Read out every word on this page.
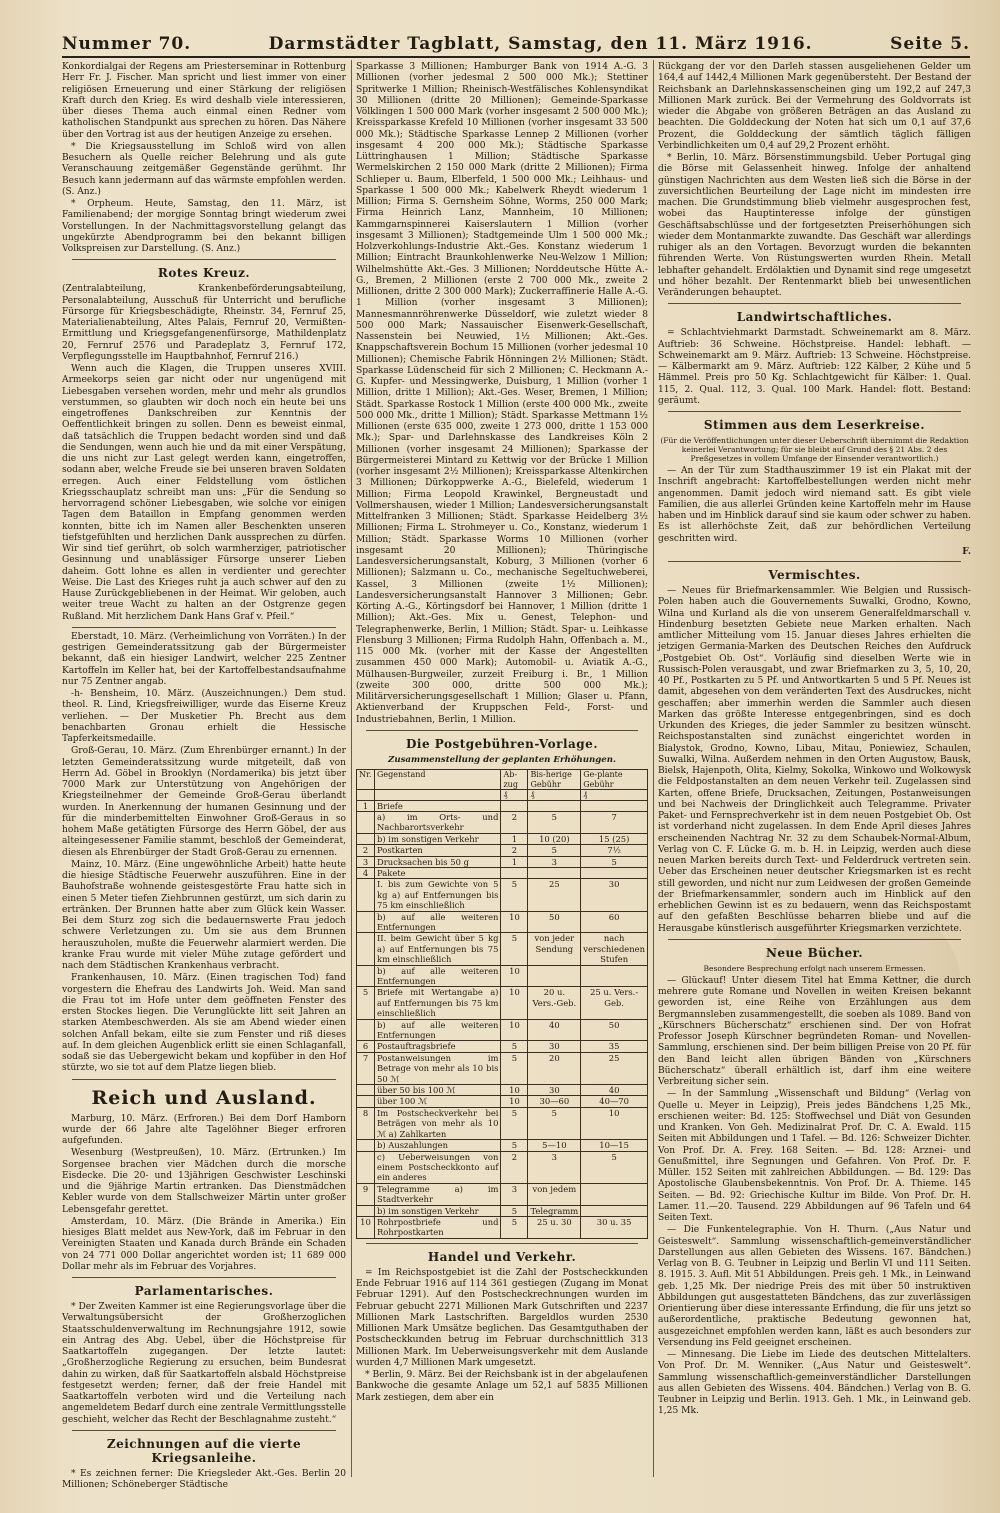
Nummer 70.	Darmstädter Tagblatt, Samstag, den 11. März 1916.	Seite 5.

Konkordialgai der Regens am Priesterseminar in Rottenburg Herr Fr. J. Fischer. Man spricht und liest immer von einer religiösen Erneuerung und einer Stärkung der religiösen Kraft durch den Krieg. Es wird deshalb viele interessieren, über dieses Thema auch einmal einen Redner vom katholischen Standpunkt aus sprechen zu hören. Das Nähere über den Vortrag ist aus der heutigen Anzeige zu ersehen.

* Die Kriegsausstellung im Schloß wird von allen Besuchern als Quelle reicher Belehrung und als gute Veranschauung zeitgemäßer Gegenstände gerühmt. Ihr Besuch kann jedermann auf das wärmste empfohlen werden. (S. Anz.)

* Orpheum. Heute, Samstag, den 11. März, ist Familienabend; der morgige Sonntag bringt wiederum zwei Vorstellungen. In der Nachmittagsvorstellung gelangt das ungekürzte Abendprogramm bei den bekannt billigen Volkspreisen zur Darstellung. (S. Anz.)

Rotes Kreuz.

(Zentralabteilung, Krankenbeförderungsabteilung, Personalabteilung, Ausschuß für Unterricht und berufliche Fürsorge für Kriegsbeschädigte, Rheinstr. 34, Fernruf 25, Materialienabteilung, Altes Palais, Fernruf 20, Vermißten-Ermittlung und Kriegsgefangenenfürsorge, Mathildenplatz 20, Fernruf 2576 und Paradeplatz 3, Fernruf 172, Verpflegungsstelle im Hauptbahnhof, Fernruf 216.)

Wenn auch die Klagen, die Truppen unseres XVIII. Armeekorps seien gar nicht oder nur ungenügend mit Liebesgaben versehen worden, mehr und mehr als grundlos verstummen, so glaubten wir doch noch ein heute bei uns eingetroffenes Dankschreiben zur Kenntnis der Oeffentlichkeit bringen zu sollen. Denn es beweist einmal, daß tatsächlich die Truppen bedacht worden sind und daß die Sendungen, wenn auch hie und da mit einer Verspätung, die uns nicht zur Last gelegt werden kann, eingetroffen, sodann aber, welche Freude sie bei unseren braven Soldaten erregen. Auch einer Feldstellung vom östlichen Kriegsschauplatz schreibt man uns: „Für die Sendung so hervorragend schöner Liebesgaben, wie solche vor einigen Tagen dem Bataillon in Empfang genommen werden konnten, bitte ich im Namen aller Beschenkten unseren tiefstgefühlten und herzlichen Dank aussprechen zu dürfen. Wir sind tief gerührt, ob solch warmherziger, patriotischer Gesinnung und unablässiger Fürsorge unserer Lieben daheim. Gott lohne es allen in verdienter und gerechter Weise. Die Last des Krieges ruht ja auch schwer auf den zu Hause Zurückgebliebenen in der Heimat. Wir geloben, auch weiter treue Wacht zu halten an der Ostgrenze gegen Rußland. Mit herzlichem Dank Hans Graf v. Pfeil.“

Eberstadt, 10. März. (Verheimlichung von Vorräten.) In der gestrigen Gemeinderatssitzung gab der Bürgermeister bekannt, daß ein hiesiger Landwirt, welcher 225 Zentner Kartoffeln im Keller hat, bei der Kartoffelbestandsaufnahme nur 75 Zentner angab.

-h- Bensheim, 10. März. (Auszeichnungen.) Dem stud. theol. R. Lind, Kriegsfreiwilliger, wurde das Eiserne Kreuz verliehen. — Der Musketier Ph. Brecht aus dem benachbarten Gronau erhielt die Hessische Tapferkeitsmedaille.

Groß-Gerau, 10. März. (Zum Ehrenbürger ernannt.) In der letzten Gemeinderatssitzung wurde mitgeteilt, daß von Herrn Ad. Göbel in Brooklyn (Nordamerika) bis jetzt über 7000 Mark zur Unterstützung von Angehörigen der Kriegsteilnehmer der Gemeinde Groß-Gerau überlandt wurden. In Anerkennung der humanen Gesinnung und der für die minderbemittelten Einwohner Groß-Geraus in so hohem Maße getätigten Fürsorge des Herrn Göbel, der aus alteingesessener Familie stammt, beschloß der Gemeinderat, diesen als Ehrenbürger der Stadt Groß-Gerau zu ernennen.

Mainz, 10. März. (Eine ungewöhnliche Arbeit) hatte heute die hiesige Städtische Feuerwehr auszuführen. Eine in der Bauhofstraße wohnende geistesgestörte Frau hatte sich in einen 5 Meter tiefen Ziehbrunnen gestürzt, um sich darin zu ertränken. Der Brunnen hatte aber zum Glück kein Wasser. Bei dem Sturz zog sich die bedauernswerte Frau jedoch schwere Verletzungen zu. Um sie aus dem Brunnen herauszuholen, mußte die Feuerwehr alarmiert werden. Die kranke Frau wurde mit vieler Mühe zutage gefördert und nach dem Städtischen Krankenhaus verbracht.

Frankenhausen, 10. März. (Einen tragischen Tod) fand vorgestern die Ehefrau des Landwirts Joh. Weid. Man sand die Frau tot im Hofe unter dem geöffneten Fenster des ersten Stockes liegen. Die Verunglückte litt seit Jahren an starken Atembeschwerden. Als sie am Abend wieder einen solchen Anfall bekam, eilte sie zum Fenster und riß dieses auf. In dem gleichen Augenblick erlitt sie einen Schlaganfall, sodaß sie das Uebergewicht bekam und kopfüber in den Hof stürzte, wo sie tot auf dem Platze liegen blieb.

Reich und Ausland.

Marburg, 10. März. (Erfroren.) Bei dem Dorf Hamborn wurde der 66 Jahre alte Tagelöhner Bieger erfroren aufgefunden.

Wesenburg (Westpreußen), 10. März. (Ertrunken.) Im Sorgensee brachen vier Mädchen durch die morsche Eisdecke. Die 20- und 13jährigen Geschwister Leschinski und die 9jährige Martin ertranken. Das Dienstmädchen Kebler wurde von dem Stallschweizer Märtin unter großer Lebensgefahr gerettet.

Amsterdam, 10. März. (Die Brände in Amerika.) Ein hiesiges Blatt meldet aus New-York, daß im Februar in den Vereinigten Staaten und Kanada durch Brände ein Schaden von 24 771 000 Dollar angerichtet worden ist; 11 689 000 Dollar mehr als im Februar des Vorjahres.

Parlamentarisches.

* Der Zweiten Kammer ist eine Regierungsvorlage über die Verwaltungsübersicht der Großherzoglichen Staatsschuldenverwaltung im Rechnungsjahre 1912, sowie ein Antrag des Abg. Uebel, über die Höchstpreise für Saatkartoffeln zugegangen. Der letzte lautet: „Großherzogliche Regierung zu ersuchen, beim Bundesrat dahin zu wirken, daß für Saatkartoffeln alsbald Höchstpreise festgesetzt werden; ferner, daß der freie Handel mit Saatkartoffeln verboten wird und die Verteilung nach angemeldetem Bedarf durch eine zentrale Vermittlungsstelle geschieht, welcher das Recht der Beschlagnahme zusteht.“

Zeichnungen auf die vierte Kriegsanleihe.

* Es zeichnen ferner: Die Kriegsleder Akt.-Ges. Berlin 20 Millionen; Schöneberger Städtische

Sparkasse 3 Millionen; Hamburger Bank von 1914 A.-G. 3 Millionen (vorher jedesmal 2 500 000 Mk.); Stettiner Spritwerke 1 Million; Rheinisch-Westfälisches Kohlensyndikat 30 Millionen (dritte 20 Millionen); Gemeinde-Sparkasse Völklingen 1 500 000 Mark (vorher insgesamt 2 500 000 Mk.); Kreissparkasse Krefeld 10 Millionen (vorher insgesamt 33 500 000 Mk.); Städtische Sparkasse Lennep 2 Millionen (vorher insgesamt 4 200 000 Mk.); Städtische Sparkasse Lüttringhausen 1 Million; Städtische Sparkasse Wermelskirchen 2 150 000 Mark (dritte 2 Millionen); Firma Schlieper u. Baum, Elberfeld, 1 500 000 Mk.; Leihhaus- und Sparkasse 1 500 000 Mk.; Kabelwerk Rheydt wiederum 1 Million; Firma S. Gernsheim Söhne, Worms, 250 000 Mark; Firma Heinrich Lanz, Mannheim, 10 Millionen; Kammgarnspinnerei Kaiserslautern 1 Million (vorher insgesamt 3 Millionen); Stadtgemeinde Ulm 1 500 000 Mk.; Holzverkohlungs-Industrie Akt.-Ges. Konstanz wiederum 1 Million; Eintracht Braunkohlenwerke Neu-Welzow 1 Million; Wilhelmshütte Akt.-Ges. 3 Millionen; Norddeutsche Hütte A.-G., Bremen, 2 Millionen (erste 2 700 000 Mk., zweite 2 Millionen, dritte 2 300 000 Mark); Zuckerraffinerie Halle A.-G. 1 Million (vorher insgesamt 3 Millionen); Mannesmannröhrenwerke Düsseldorf, wie zuletzt wieder 8 500 000 Mark; Nassauischer Eisenwerk-Gesellschaft, Nassenstein bei Neuwied, 1½ Millionen; Akt.-Ges. Knappschaftsverein Bochum 15 Millionen (vorher jedesmal 10 Millionen); Chemische Fabrik Hönningen 2½ Millionen; Städt. Sparkasse Lüdenscheid für sich 2 Millionen; C. Heckmann A.-G. Kupfer- und Messingwerke, Duisburg, 1 Million (vorher 1 Million, dritte 1 Million); Akt.-Ges. Weser, Bremen, 1 Million; Städt. Sparkasse Rostock 1 Million (erste 400 000 Mk., zweite 500 000 Mk., dritte 1 Million); Städt. Sparkasse Mettmann 1½ Millionen (erste 635 000, zweite 1 273 000, dritte 1 153 000 Mk.); Spar- und Darlehnskasse des Landkreises Köln 2 Millionen (vorher insgesamt 24 Millionen); Sparkasse der Bürgermeisterei Mintard zu Kettwig vor der Brücke 1 Million (vorher insgesamt 2½ Millionen); Kreissparkasse Altenkirchen 3 Millionen; Dürkoppwerke A.-G., Bielefeld, wiederum 1 Million; Firma Leopold Krawinkel, Bergneustadt und Vollmershausen, wieder 1 Million; Landesversicherungsanstalt Mittelfranken 3 Millionen; Städt. Sparkasse Heidelberg 3½ Millionen; Firma L. Strohmeyer u. Co., Konstanz, wiederum 1 Million; Städt. Sparkasse Worms 10 Millionen (vorher insgesamt 20 Millionen); Thüringische Landesversicherungsanstalt, Koburg, 3 Millionen (vorher 6 Millionen); Salzmann u. Co., mechanische Segeltuchweberei, Kassel, 3 Millionen (zweite 1½ Millionen); Landesversicherungsanstalt Hannover 3 Millionen; Gebr. Körting A.-G., Körtingsdorf bei Hannover, 1 Million (dritte 1 Million); Akt.-Ges. Mix u. Genest, Telephon- und Telegraphenwerke, Berlin, 1 Million; Städt. Spar- u. Leihkasse Flensburg 3 Millionen; Firma Rudolph Hahn, Offenbach a. M., 115 000 Mk. (vorher mit der Kasse der Angestellten zusammen 450 000 Mark); Automobil- u. Aviatik A.-G., Mülhausen-Burgweiler, zurzeit Freiburg i. Br., 1 Million (zweite 300 000, dritte 500 000 Mk.); Militärversicherungsgesellschaft 1 Million; Glaser u. Pfann, Aktienverband der Kruppschen Feld-, Forst- und Industriebahnen, Berlin, 1 Million.

Die Postgebühren-Vorlage.
Zusammenstellung der geplanten Erhöhungen.
Nr.	Gegenstand	Ab-zug	Bis-herige Gebühr	Ge-plante Gebühr
		₰	₰	₰
1	Briefe			
	a) im Orts- und Nachbarortsverkehr	2	5	7
	b) im sonstigen Verkehr	1	10 (20)	15 (25)
2	Postkarten	2	5	7½
3	Drucksachen bis 50 g	1	3	5
4	Pakete			
	I. bis zum Gewichte von 5 kg a) auf Entfernungen bis 75 km einschließlich	5	25	30
	b) auf alle weiteren Entfernungen	10	50	60
	II. beim Gewicht über 5 kg a) auf Entfernungen bis 75 km einschließlich	5	von jeder Sendung	nach verschiedenen Stufen
	b) auf alle weiteren Entfernungen	10		
5	Briefe mit Wertangabe a) auf Entfernungen bis 75 km einschließlich	10	20 u. Vers.-Geb.	25 u. Vers.-Geb.
	b) auf alle weiteren Entfernungen	10	40	50
6	Postauftragsbriefe	5	30	35
7	Postanweisungen im Betrage von mehr als 10 bis 50 ℳ	5	20	25
	über 50 bis 100 ℳ	10	30	40
	über 100 ℳ	10	30—60	40—70
8	Im Postscheckverkehr bei Beträgen von mehr als 10 ℳ a) Zahlkarten	5	5	10
	b) Auszahlungen	5	5—10	10—15
	c) Ueberweisungen von einem Postscheckkonto auf ein anderes	2	3	5
9	Telegramme a) im Stadtverkehr	3	von jedem	
	b) im sonstigen Verkehr	5	Telegramm	
10	Rohrpostbriefe und Rohrpostkarten	5	25 u. 30	30 u. 35
Handel und Verkehr.

= Im Reichspostgebiet ist die Zahl der Postscheckkunden Ende Februar 1916 auf 114 361 gestiegen (Zugang im Monat Februar 1291). Auf den Postscheckrechnungen wurden im Februar gebucht 2271 Millionen Mark Gutschriften und 2237 Millionen Mark Lastschriften. Bargeldlos wurden 2530 Millionen Mark Umsätze beglichen. Das Gesamtguthaben der Postscheckkunden betrug im Februar durchschnittlich 313 Millionen Mark. Im Ueberweisungsverkehr mit dem Auslande wurden 4,7 Millionen Mark umgesetzt.

* Berlin, 9. März. Bei der Reichsbank ist in der abgelaufenen Bankwoche die gesamte Anlage um 52,1 auf 5835 Millionen Mark zestiegen, dem aber ein

Rückgang der vor den Darleh stassen ausgeliehenen Gelder um 164,4 auf 1442,4 Millionen Mark gegenübersteht. Der Bestand der Reichsbank an Darlehnskassenscheinen ging um 192,2 auf 247,3 Millionen Mark zurück. Bei der Vermehrung des Goldvorrats ist wieder die Abgabe von größeren Beträgen an das Ausland zu beachten. Die Golddeckung der Noten hat sich um 0,1 auf 37,6 Prozent, die Golddeckung der sämtlich täglich fälligen Verbindlichkeiten um 0,4 auf 29,2 Prozent erhöht.

* Berlin, 10. März. Börsenstimmungsbild. Ueber Portugal ging die Börse mit Gelassenheit hinweg. Infolge der anhaltend günstigen Nachrichten aus dem Westen ließ sich die Börse in der zuversichtlichen Beurteilung der Lage nicht im mindesten irre machen. Die Grundstimmung blieb vielmehr ausgesprochen fest, wobei das Hauptinteresse infolge der günstigen Geschäftsabschlüsse und der fortgesetzten Preiserhöhungen sich wieder dem Montanmarkte zuwandte. Das Geschäft war allerdings ruhiger als an den Vortagen. Bevorzugt wurden die bekannten führenden Werte. Von Rüstungswerten wurden Rhein. Metall lebhafter gehandelt. Erdölaktien und Dynamit sind rege umgesetzt und höher bezahlt. Der Rentenmarkt blieb bei unwesentlichen Veränderungen behauptet.

Landwirtschaftliches.

= Schlachtviehmarkt Darmstadt. Schweinemarkt am 8. März. Auftrieb: 36 Schweine. Höchstpreise. Handel: lebhaft. — Schweinemarkt am 9. März. Auftrieb: 13 Schweine. Höchstpreise. — Kälbermarkt am 9. März. Auftrieb: 122 Kälber, 2 Kühe und 5 Hämmel. Preis pro 50 Kg. Schlachtgewicht für Kälber: 1. Qual. 115, 2. Qual. 112, 3. Qual. 100 Mark. Handel: flott. Bestand: geräumt.

Stimmen aus dem Leserkreise.
(Für die Veröffentlichungen unter dieser Ueberschrift übernimmt die Redaktion keinerlei Verantwortung; für sie bleibt auf Grund des § 21 Abs. 2 des Preßgesetzes in vollem Umfange der Einsender verantwortlich.)

— An der Tür zum Stadthauszimmer 19 ist ein Plakat mit der Inschrift angebracht: Kartoffelbestellungen werden nicht mehr angenommen. Damit jedoch wird niemand satt. Es gibt viele Familien, die aus allerlei Gründen keine Kartoffeln mehr im Hause haben und im Hinblick darauf sind sie kaum oder schwer zu haben. Es ist allerhöchste Zeit, daß zur behördlichen Verteilung geschritten wird.

F.
Vermischtes.

— Neues für Briefmarkensammler. Wie Belgien und Russisch-Polen haben auch die Gouvernements Suwalki, Grodno, Kowno, Wilna und Kurland als die von unserem Generalfeldmarschall v. Hindenburg besetzten Gebiete neue Marken erhalten. Nach amtlicher Mitteilung vom 15. Januar dieses Jahres erhielten die jetzigen Germania-Marken des Deutschen Reiches den Aufdruck „Postgebiet Ob. Ost“. Vorläufig sind dieselben Werte wie in Russisch-Polen verausgabt, und zwar Briefmarken zu 3, 5, 10, 20, 40 Pf., Postkarten zu 5 Pf. und Antwortkarten 5 und 5 Pf. Neues ist damit, abgesehen von dem veränderten Text des Ausdruckes, nicht geschaffen; aber immerhin werden die Sammler auch diesen Marken das größte Interesse entgegenbringen, sind es doch Urkunden des Krieges, die jeder Sammler zu besitzen wünscht. Reichspostanstalten sind zunächst eingerichtet worden in Bialystok, Grodno, Kowno, Libau, Mitau, Poniewiez, Schaulen, Suwalki, Wilna. Außerdem nehmen in den Orten Augustow, Bausk, Bielsk, Hajenpoth, Olita, Kielmy, Sokolka, Winkowo und Wolkowysk die Feldpostanstalten an dem neuen Verkehr teil. Zugelassen sind Karten, offene Briefe, Drucksachen, Zeitungen, Postanweisungen und bei Nachweis der Dringlichkeit auch Telegramme. Privater Paket- und Fernsprechverkehr ist in dem neuen Postgebiet Ob. Ost ist vorderhand nicht zugelassen. In dem Ende April dieses Jahres erscheinenden Nachtrag Nr. 32 zu dem Schaubek-Normal-Album, Verlag von C. F. Lücke G. m. b. H. in Leipzig, werden auch diese neuen Marken bereits durch Text- und Felderdruck vertreten sein. Ueber das Erscheinen neuer deutscher Kriegsmarken ist es recht still geworden, und nicht nur zum Leidwesen der großen Gemeinde der Briefmarkensammler, sondern auch im Hinblick auf den erheblichen Gewinn ist es zu bedauern, wenn das Reichspostamt auf den gefaßten Beschlüsse beharren bliebe und auf die Herausgabe künstlerisch ausgeführter Kriegsmarken verzichtete.

Neue Bücher.
Besondere Besprechung erfolgt nach unserem Ermessen.

— Glückauf! Unter diesem Titel hat Emma Kettner, die durch mehrere gute Romane und Novellen in weiten Kreisen bekannt geworden ist, eine Reihe von Erzählungen aus dem Bergmannsleben zusammengestellt, die soeben als 1089. Band von „Kürschners Bücherschatz“ erschienen sind. Der von Hofrat Professor Joseph Kürschner begründeten Roman- und Novellen-Sammlung, erschienen sind. Der beim billigen Preise von 20 Pf. für den Band leicht allen übrigen Bänden von „Kürschners Bücherschatz“ überall erhältlich ist, darf ihm eine weitere Verbreitung sicher sein.

— In der Sammlung „Wissenschaft und Bildung“ (Verlag von Quelle u. Meyer in Leipzig), Preis jedes Bändchens 1,25 Mk., erschienen weiter: Bd. 125: Stoffwechsel und Diät von Gesunden und Kranken. Von Geh. Medizinalrat Prof. Dr. C. A. Ewald. 115 Seiten mit Abbildungen und 1 Tafel. — Bd. 126: Schweizer Dichter. Von Prof. Dr. A. Frey. 168 Seiten. — Bd. 128: Arznei- und Genußmittel, ihre Segnungen und Gefahren. Von Prof. Dr. F. Müller. 152 Seiten mit zahlreichen Abbildungen. — Bd. 129: Das Apostolische Glaubensbekenntnis. Von Prof. Dr. A. Thieme. 145 Seiten. — Bd. 92: Griechische Kultur im Bilde. Von Prof. Dr. H. Lamer. 11.—20. Tausend. 229 Abbildungen auf 96 Tafeln und 64 Seiten Text.

— Die Funkentelegraphie. Von H. Thurn. („Aus Natur und Geisteswelt“. Sammlung wissenschaftlich-gemeinverständlicher Darstellungen aus allen Gebieten des Wissens. 167. Bändchen.) Verlag von B. G. Teubner in Leipzig und Berlin VI und 111 Seiten. 8. 1915. 3. Aufl. Mit 51 Abbildungen. Preis geh. 1 Mk., in Leinwand geb. 1,25 Mk. Der niedrige Preis des mit über 50 instruktiven Abbildungen gut ausgestatteten Bändchens, das zur zuverlässigen Orientierung über diese interessante Erfindung, die für uns jetzt so außerordentliche, praktische Bedeutung gewonnen hat, ausgezeichnet empfohlen werden kann, läßt es auch besonders zur Versendung ins Feld geeignet erscheinen.

— Minnesang. Die Liebe im Liede des deutschen Mittelalters. Von Prof. Dr. M. Wenniker. („Aus Natur und Geisteswelt“. Sammlung wissenschaftlich-gemeinverständlicher Darstellungen aus allen Gebieten des Wissens. 404. Bändchen.) Verlag von B. G. Teubner in Leipzig und Berlin. 1913. Geh. 1 Mk., in Leinwand geb. 1,25 Mk.
